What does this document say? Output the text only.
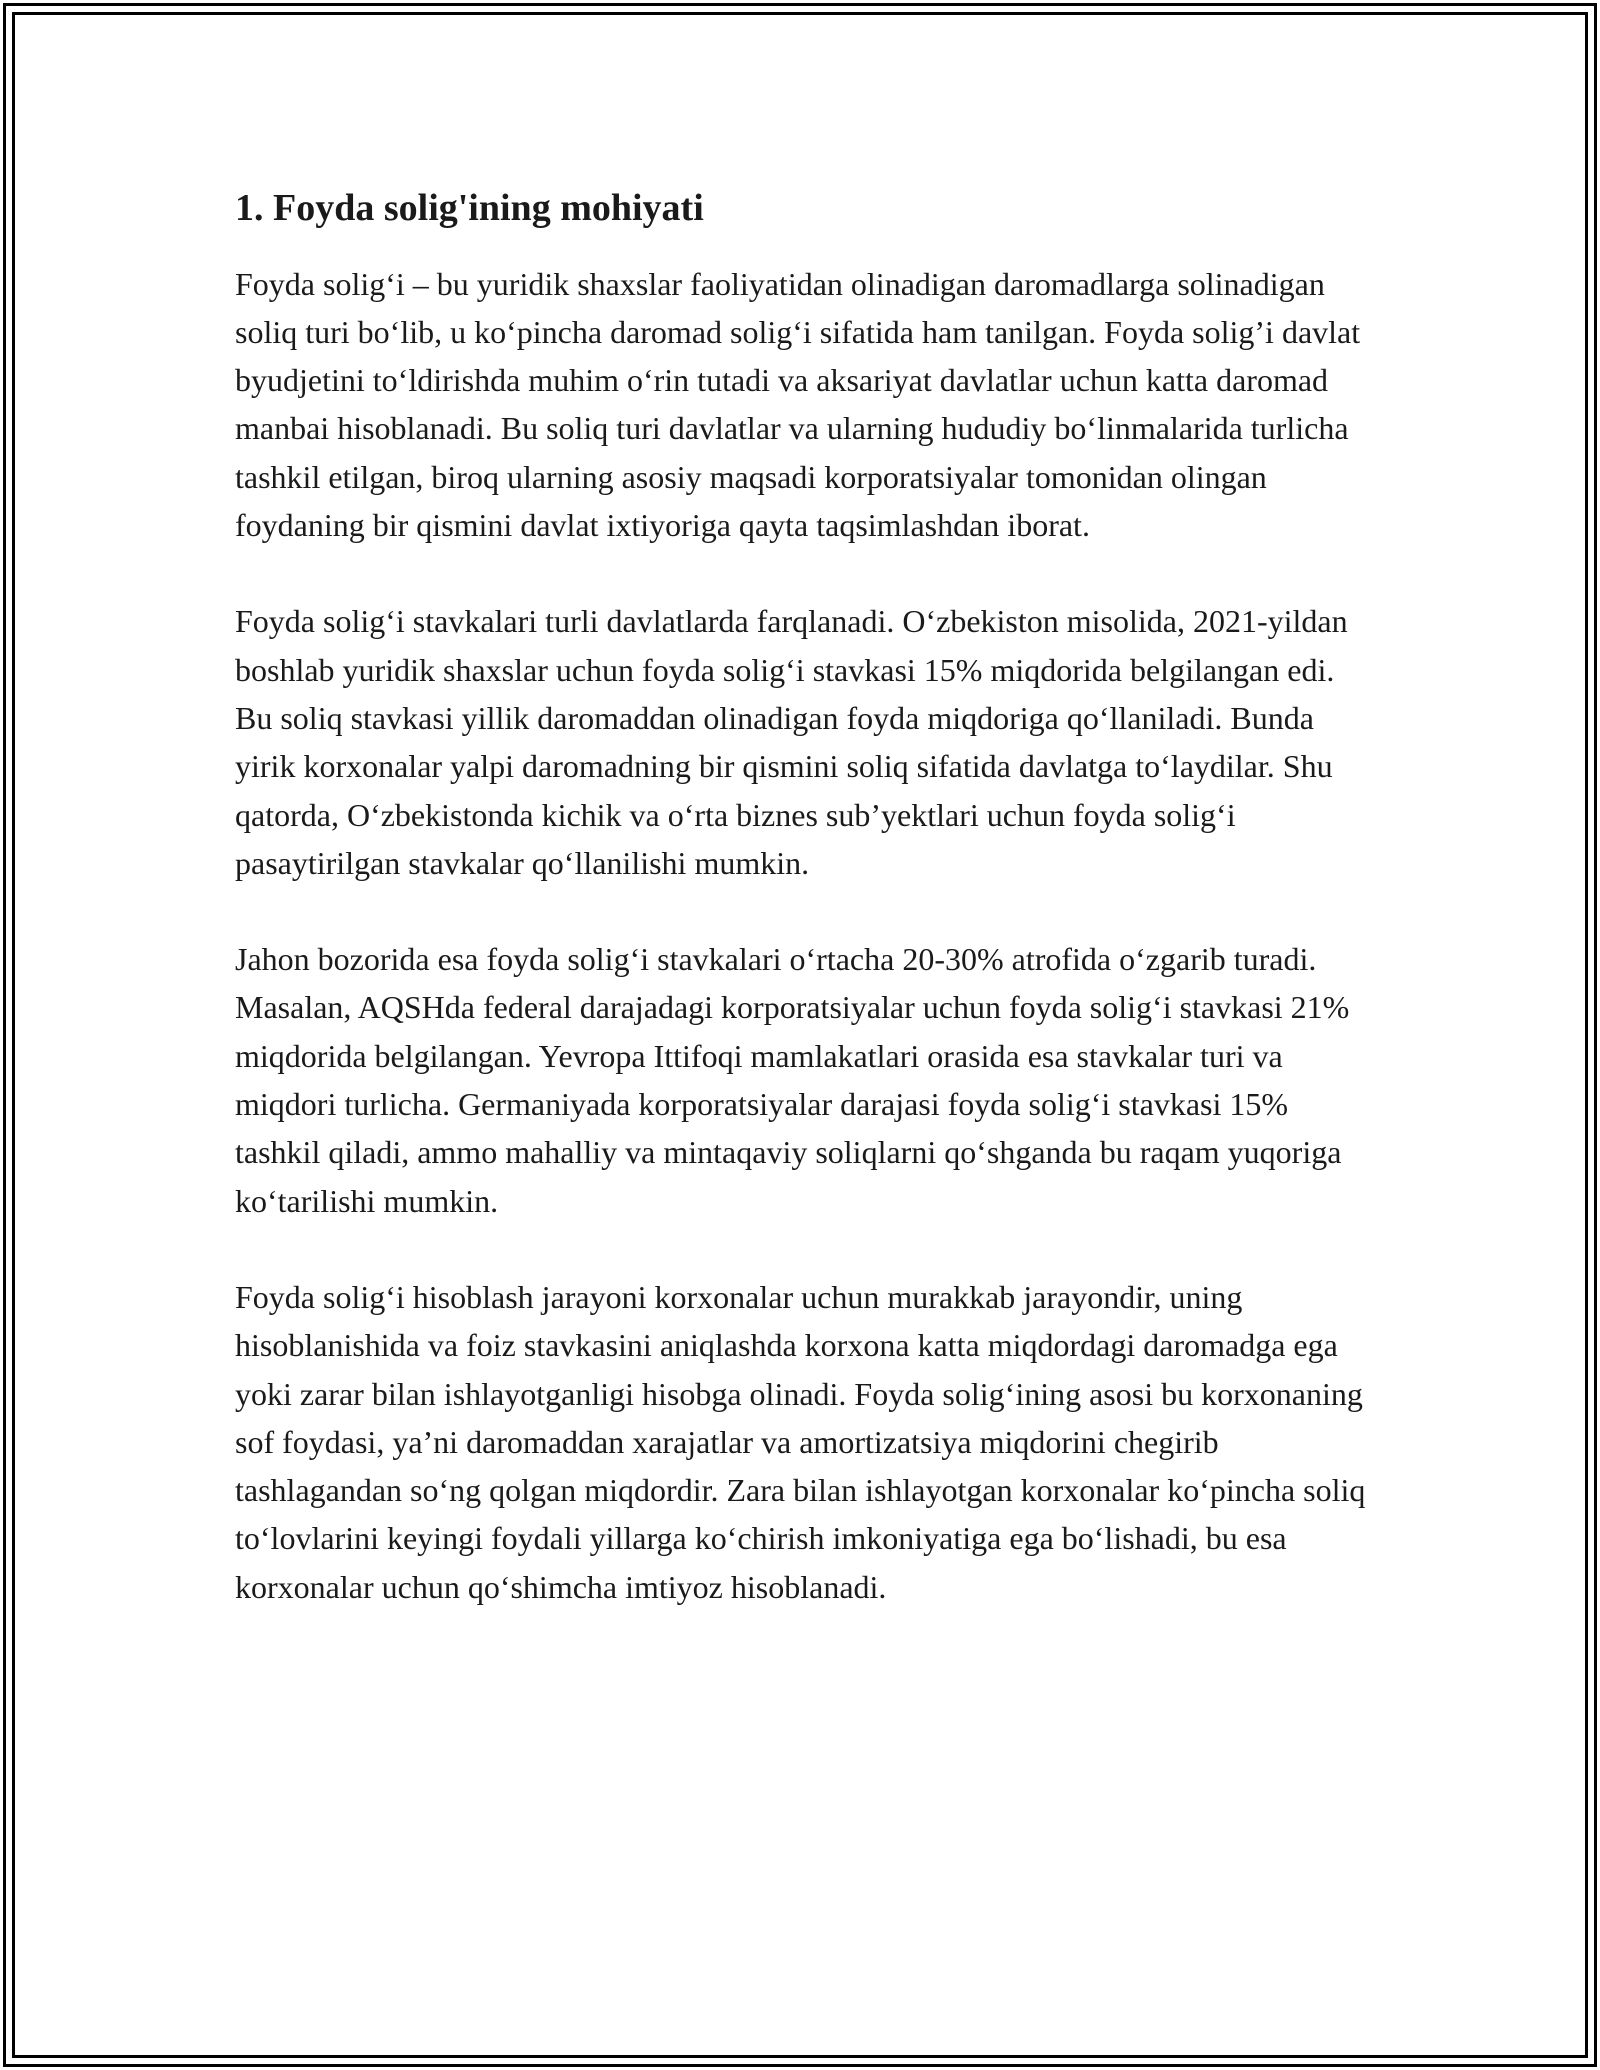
1. Foyda solig'ining mohiyati

Foyda solig‘i – bu yuridik shaxslar faoliyatidan olinadigan daromadlarga solinadigan soliq turi bo‘lib, u ko‘pincha daromad solig‘i sifatida ham tanilgan. Foyda solig’i davlat byudjetini to‘ldirishda muhim o‘rin tutadi va aksariyat davlatlar uchun katta daromad manbai hisoblanadi. Bu soliq turi davlatlar va ularning hududiy bo‘linmalarida turlicha tashkil etilgan, biroq ularning asosiy maqsadi korporatsiyalar tomonidan olingan foydaning bir qismini davlat ixtiyoriga qayta taqsimlashdan iborat.

Foyda solig‘i stavkalari turli davlatlarda farqlanadi. O‘zbekiston misolida, 2021-yildan boshlab yuridik shaxslar uchun foyda solig‘i stavkasi 15% miqdorida belgilangan edi. Bu soliq stavkasi yillik daromaddan olinadigan foyda miqdoriga qo‘llaniladi. Bunda yirik korxonalar yalpi daromadning bir qismini soliq sifatida davlatga to‘laydilar. Shu qatorda, O‘zbekistonda kichik va o‘rta biznes sub’yektlari uchun foyda solig‘i pasaytirilgan stavkalar qo‘llanilishi mumkin.

Jahon bozorida esa foyda solig‘i stavkalari o‘rtacha 20-30% atrofida o‘zgarib turadi. Masalan, AQSHda federal darajadagi korporatsiyalar uchun foyda solig‘i stavkasi 21% miqdorida belgilangan. Yevropa Ittifoqi mamlakatlari orasida esa stavkalar turi va miqdori turlicha. Germaniyada korporatsiyalar darajasi foyda solig‘i stavkasi 15% tashkil qiladi, ammo mahalliy va mintaqaviy soliqlarni qo‘shganda bu raqam yuqoriga ko‘tarilishi mumkin.

Foyda solig‘i hisoblash jarayoni korxonalar uchun murakkab jarayondir, uning hisoblanishida va foiz stavkasini aniqlashda korxona katta miqdordagi daromadga ega yoki zarar bilan ishlayotganligi hisobga olinadi. Foyda solig‘ining asosi bu korxonaning sof foydasi, ya’ni daromaddan xarajatlar va amortizatsiya miqdorini chegirib tashlagandan so‘ng qolgan miqdordir. Zara bilan ishlayotgan korxonalar ko‘pincha soliq to‘lovlarini keyingi foydali yillarga ko‘chirish imkoniyatiga ega bo‘lishadi, bu esa korxonalar uchun qo‘shimcha imtiyoz hisoblanadi.
